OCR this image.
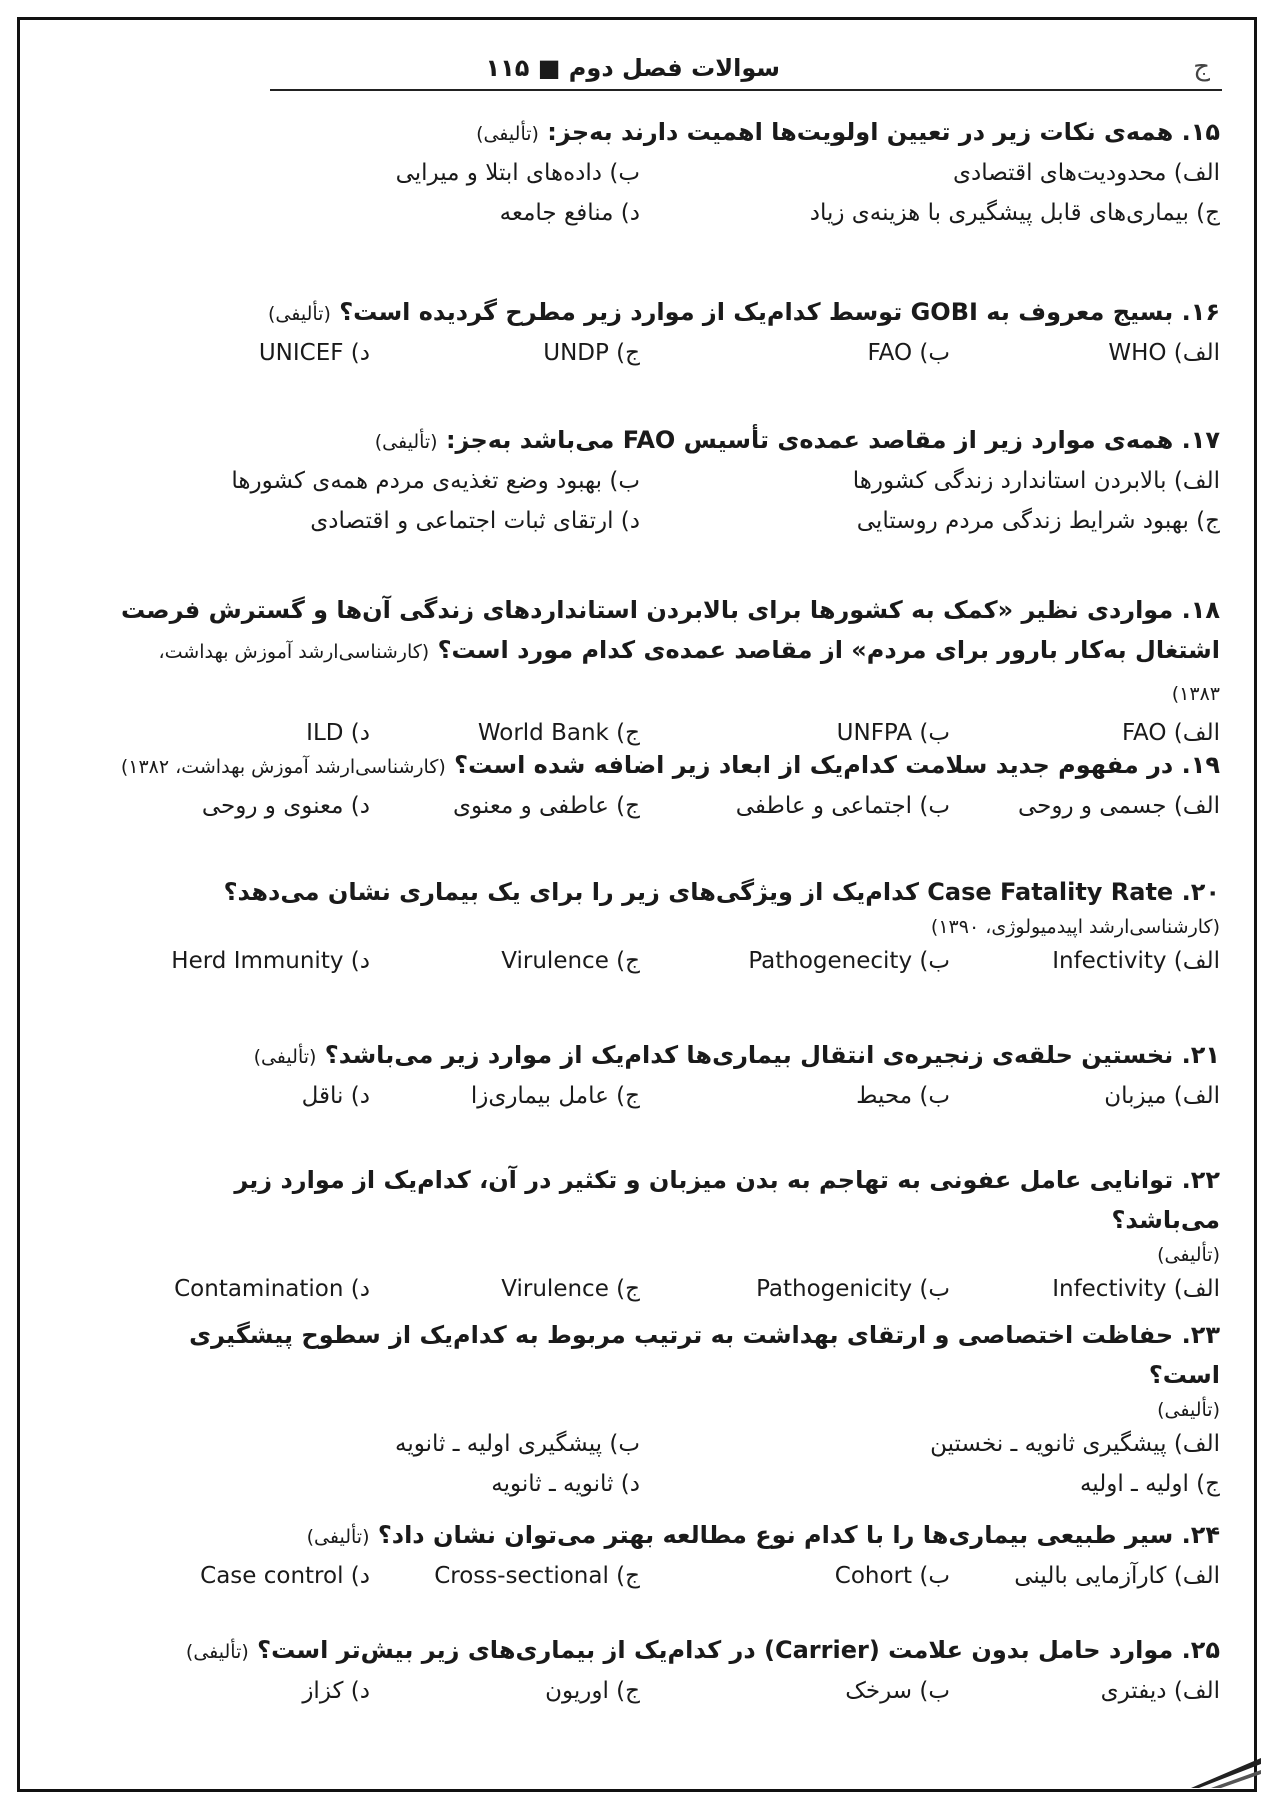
سوالات فصل دوم ■ ۱۱۵	ج
۱۵. همه‌ی نکات زیر در تعیین اولویت‌ها اهمیت دارند به‌جز: (تألیفی)
الف) محدودیت‌های اقتصادی
ب) داده‌های ابتلا و میرایی
ج) بیماری‌های قابل پیشگیری با هزینه‌ی زیاد
د) منافع جامعه
۱۶. بسیج معروف به GOBI توسط کدام‌یک از موارد زیر مطرح گردیده است؟ (تألیفی)
الف) WHO
ب) FAO
ج) UNDP
د) UNICEF
۱۷. همه‌ی موارد زیر از مقاصد عمده‌ی تأسیس FAO می‌باشد به‌جز: (تألیفی)
الف) بالابردن استاندارد زندگی کشورها
ب) بهبود وضع تغذیه‌ی مردم همه‌ی کشورها
ج) بهبود شرایط زندگی مردم روستایی
د) ارتقای ثبات اجتماعی و اقتصادی
۱۸. مواردی نظیر «کمک به کشورها برای بالابردن استانداردهای زندگی آن‌ها و گسترش فرصت اشتغال به‌کار بارور برای مردم» از مقاصد عمده‌ی کدام مورد است؟ (کارشناسی‌ارشد آموزش بهداشت، ۱۳۸۳)
الف) FAO
ب) UNFPA
ج) World Bank
د) ILD
۱۹. در مفهوم جدید سلامت کدام‌یک از ابعاد زیر اضافه شده است؟ (کارشناسی‌ارشد آموزش بهداشت، ۱۳۸۲)
الف) جسمی و روحی
ب) اجتماعی و عاطفی
ج) عاطفی و معنوی
د) معنوی و روحی
۲۰. Case Fatality Rate کدام‌یک از ویژگی‌های زیر را برای یک بیماری نشان می‌دهد؟
(کارشناسی‌ارشد اپیدمیولوژی، ۱۳۹۰)
الف) Infectivity
ب) Pathogenecity
ج) Virulence
د) Herd Immunity
۲۱. نخستین حلقه‌ی زنجیره‌ی انتقال بیماری‌ها کدام‌یک از موارد زیر می‌باشد؟ (تألیفی)
الف) میزبان
ب) محیط
ج) عامل بیماری‌زا
د) ناقل
۲۲. توانایی عامل عفونی به تهاجم به بدن میزبان و تکثیر در آن، کدام‌یک از موارد زیر می‌باشد؟
(تألیفی)
الف) Infectivity
ب) Pathogenicity
ج) Virulence
د) Contamination
۲۳. حفاظت اختصاصی و ارتقای بهداشت به ترتیب مربوط به کدام‌یک از سطوح پیشگیری است؟
(تألیفی)
الف) پیشگیری ثانویه ـ نخستین
ب) پیشگیری اولیه ـ ثانویه
ج) اولیه ـ اولیه
د) ثانویه ـ ثانویه
۲۴. سیر طبیعی بیماری‌ها را با کدام نوع مطالعه بهتر می‌توان نشان داد؟ (تألیفی)
الف) کارآزمایی بالینی
ب) Cohort
ج) Cross-sectional
د) Case control
۲۵. موارد حامل بدون علامت (Carrier) در کدام‌یک از بیماری‌های زیر بیش‌تر است؟ (تألیفی)
الف) دیفتری
ب) سرخک
ج) اوریون
د) کزاز
